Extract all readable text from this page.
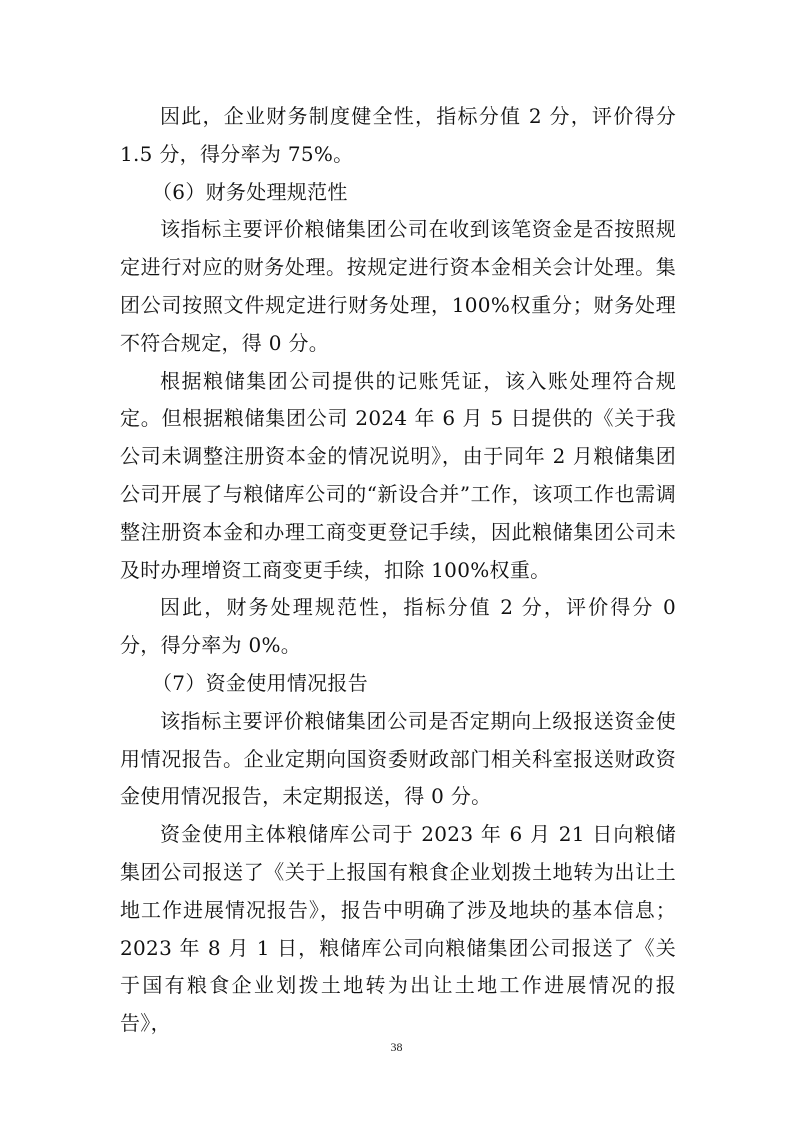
因此，企业财务制度健全性，指标分值 2 分，评价得分 1.5 分，得分率为 75%。

（6）财务处理规范性

该指标主要评价粮储集团公司在收到该笔资金是否按照规定进行对应的财务处理。按规定进行资本金相关会计处理。集团公司按照文件规定进行财务处理，100%权重分；财务处理不符合规定，得 0 分。

根据粮储集团公司提供的记账凭证，该入账处理符合规定。但根据粮储集团公司 2024 年 6 月 5 日提供的《关于我公司未调整注册资本金的情况说明》，由于同年 2 月粮储集团公司开展了与粮储库公司的“新设合并”工作，该项工作也需调整注册资本金和办理工商变更登记手续，因此粮储集团公司未及时办理增资工商变更手续，扣除 100%权重。

因此，财务处理规范性，指标分值 2 分，评价得分 0 分，得分率为 0%。

（7）资金使用情况报告

该指标主要评价粮储集团公司是否定期向上级报送资金使用情况报告。企业定期向国资委财政部门相关科室报送财政资金使用情况报告，未定期报送，得 0 分。

资金使用主体粮储库公司于 2023 年 6 月 21 日向粮储集团公司报送了《关于上报国有粮食企业划拨土地转为出让土地工作进展情况报告》，报告中明确了涉及地块的基本信息；2023 年 8 月 1 日，粮储库公司向粮储集团公司报送了《关于国有粮食企业划拨土地转为出让土地工作进展情况的报告》，

38
